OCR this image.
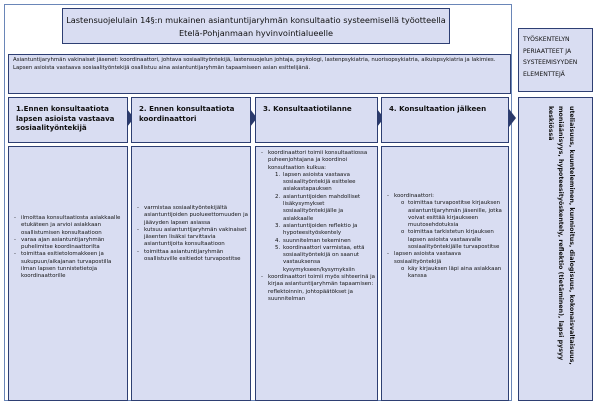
Lastensuojelulain 14§:n mukainen asiantuntijaryhmän konsultaatio systeemisellä työotteella
Etelä-Pohjanmaan hyvinvointialueelle

Asiantuntijaryhmän vakinaiset jäsenet: koordinaattori, johtava sosiaalityöntekijä, lastensuojelun johtaja, psykologi, lastenpsykiatria, nuorisopsykiatria, aikuispsykiatria ja lakimies.

Lapsen asioista vastaava sosiaalityöntekijä osallistuu aina asiantuntijaryhmän tapaamiseen asian esittelijänä.

1.Ennen konsultaatiota lapsen asioista vastaava sosiaalityöntekijä
2. Ennen konsultaatiota koordinaattori
3. Konsultaatiotilanne	4. Konsultaation jälkeen
- ilmoittaa konsultaatiosta asiakkaalle etukäteen ja arvioi asiakkaan osallistumisen konsultaatioon
- varaa ajan asiantuntijaryhmän puhelimitse koordinaattorilta
- toimittaa esitietolomakkeen ja sukupuun/aikajanan turvapostilla ilman lapsen tunnistetietoja koordinaattorille
- varmistaa sosiaalityöntekijältä asiantuntijoiden puolueettomuuden ja jäävyden lapsen asiassa
- kutsuu asiantuntijaryhmän vakinaiset jäsenten lisäksi tarvittavia asiantuntijoita konsultaatioon
- toimittaa asiantuntijaryhmän osallistuville esitiedot turvapostitse
- koordinaattori toimii konsultaatiossa puheenjohtajana ja koordinoi konsultaation kulkua:
1. lapsen asioista vastaava sosiaalityöntekijä esittelee asiakastapauksen
2. asiantuntijoiden mahdolliset lisäkysymykset sosiaalityöntekijälle ja asiakkaalle
3. asiantuntijoiden reflektio ja hypoteesityöskentely
4. suunnitelman tekeminen
5. koordinaattori varmistaa, että sosiaalityöntekijä on saanut vastauksensa kysymykseen/kysymyksiin
- koordinaattori toimii myös sihteerinä ja kirjaa asiantuntijaryhmän tapaamisen: reflektoinnin, johtopäätökset ja suunnitelman
- koordinaattori:
o toimittaa turvapostitse kirjauksen asiantuntijaryhmän jäsenille, jotka voivat esittää kirjaukseen muutosehdotuksia
o toimittaa tarkistetun kirjauksen lapsen asioista vastaavalle sosiaalityöntekijälle turvapostitse
- lapsen asioista vastaava sosiaalityöntekijä
o käy kirjauksen läpi aina asiakkaan kanssa
TYÖSKENTELYN PERIAATTEET JA SYSTEEMISYYDEN ELEMENTTEJÄ
uteliaisuus, kuunteleminen, kunnioitus, dialogisuus, kokonaisvaltaisuus, moniäänisyys, hypoteesityöskentely, reflektio (tietäminen), lapsi pysyy keskiössä
